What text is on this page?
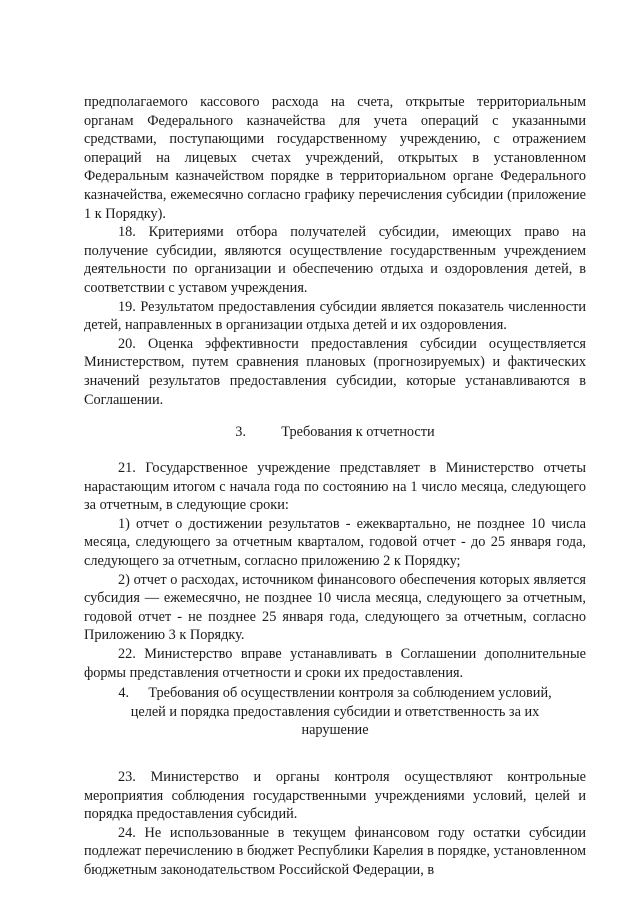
предполагаемого кассового расхода на счета, открытые территориальным органам Федерального казначейства для учета операций с указанными средствами, поступающими государственному учреждению, с отражением операций на лицевых счетах учреждений, открытых в установленном Федеральным казначейством порядке в территориальном органе Федерального казначейства, ежемесячно согласно графику перечисления субсидии (приложение 1 к Порядку).

18. Критериями отбора получателей субсидии, имеющих право на получение субсидии, являются осуществление государственным учреждением деятельности по организации и обеспечению отдыха и оздоровления детей, в соответствии с уставом учреждения.

19. Результатом предоставления субсидии является показатель численности детей, направленных в организации отдыха детей и их оздоровления.

20. Оценка эффективности предоставления субсидии осуществляется Министерством, путем сравнения плановых (прогнозируемых) и фактических значений результатов предоставления субсидии, которые устанавливаются в Соглашении.

3. Требования к отчетности

21. Государственное учреждение представляет в Министерство отчеты нарастающим итогом с начала года по состоянию на 1 число месяца, следующего за отчетным, в следующие сроки:

1) отчет о достижении результатов - ежеквартально, не позднее 10 числа месяца, следующего за отчетным кварталом, годовой отчет - до 25 января года, следующего за отчетным, согласно приложению 2 к Порядку;

2) отчет о расходах, источником финансового обеспечения которых является субсидия — ежемесячно, не позднее 10 числа месяца, следующего за отчетным, годовой отчет - не позднее 25 января года, следующего за отчетным, согласно Приложению 3 к Порядку.

22. Министерство вправе устанавливать в Соглашении дополнительные формы представления отчетности и сроки их предоставления.

4. Требования об осуществлении контроля за соблюдением условий,
целей и порядка предоставления субсидии и ответственность за их
нарушение

23. Министерство и органы контроля осуществляют контрольные мероприятия соблюдения государственными учреждениями условий, целей и порядка предоставления субсидий.

24. Не использованные в текущем финансовом году остатки субсидии подлежат перечислению в бюджет Республики Карелия в порядке, установленном бюджетным законодательством Российской Федерации, в
